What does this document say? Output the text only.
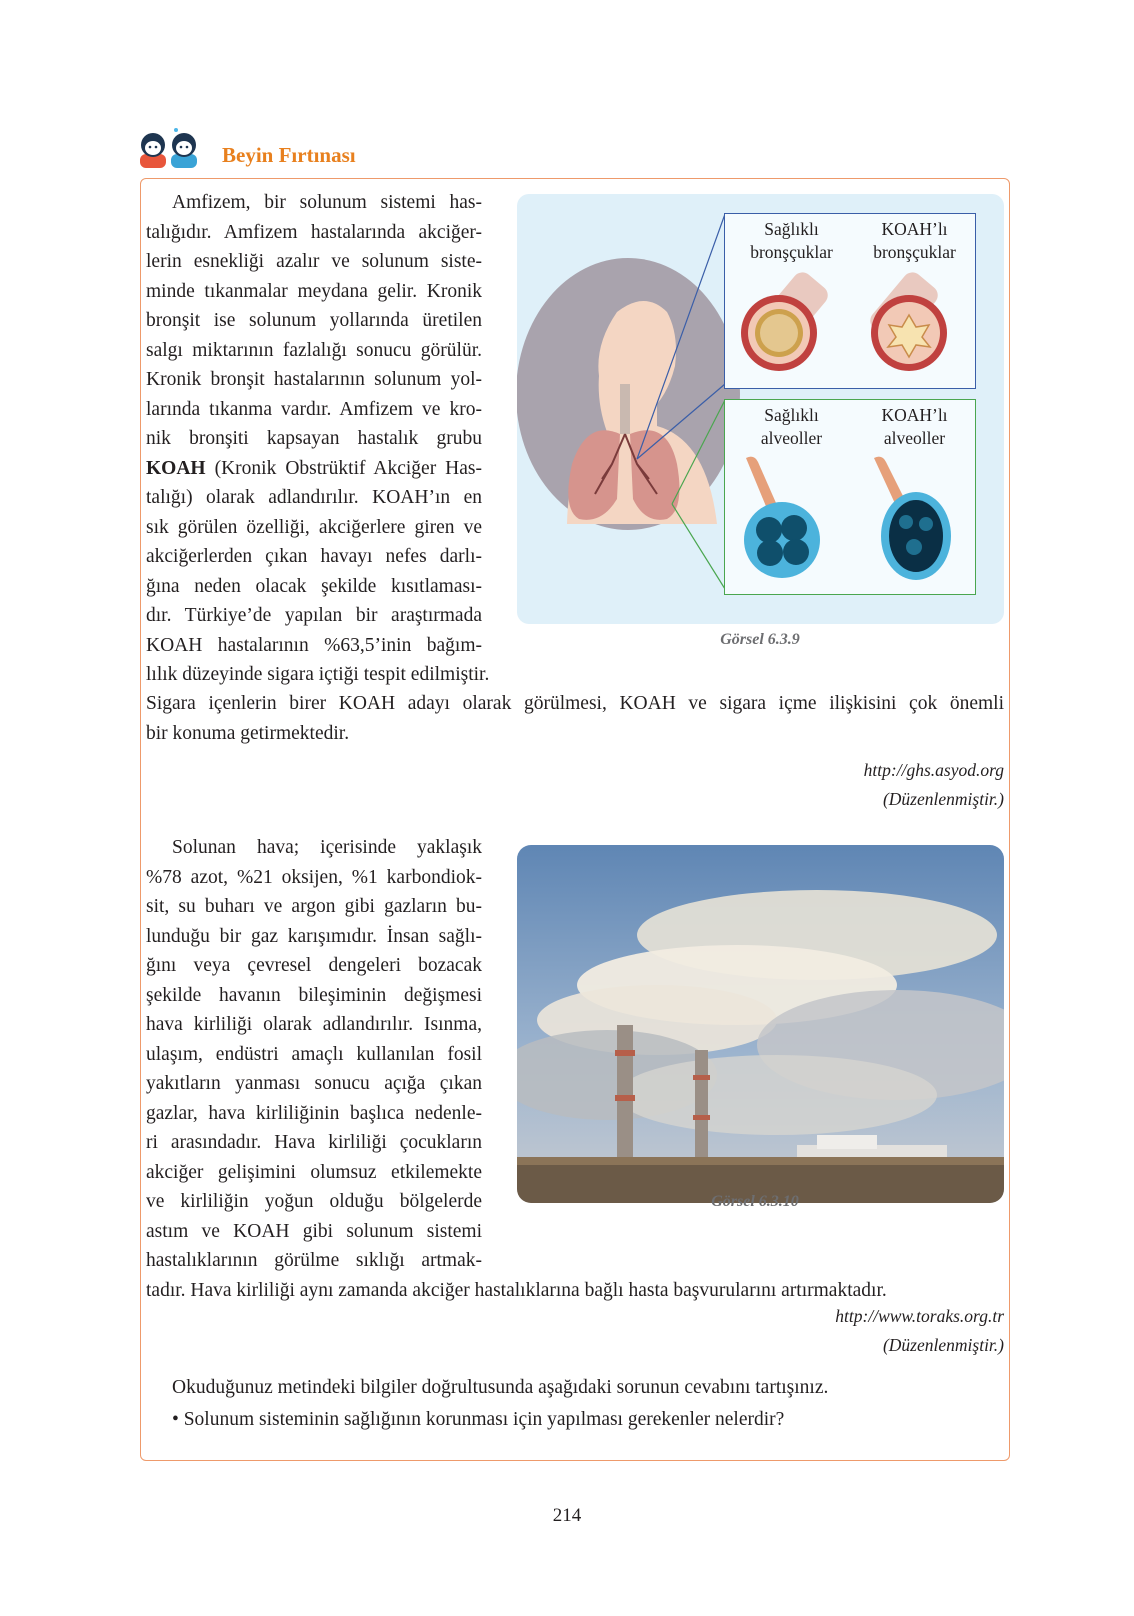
Beyin Fırtınası
Amfizem, bir solunum sistemi has-
talığıdır. Amfizem hastalarında akciğer-
lerin esnekliği azalır ve solunum siste-
minde tıkanmalar meydana gelir. Kronik
bronşit ise solunum yollarında üretilen
salgı miktarının fazlalığı sonucu görülür.
Kronik bronşit hastalarının solunum yol-
larında tıkanma vardır. Amfizem ve kro-
nik bronşiti kapsayan hastalık grubu
KOAH (Kronik Obstrüktif Akciğer Has-
talığı) olarak adlandırılır. KOAH’ın en
sık görülen özelliği, akciğerlere giren ve
akciğerlerden çıkan havayı nefes darlı-
ğına neden olacak şekilde kısıtlaması-
dır. Türkiye’de yapılan bir araştırmada
KOAH hastalarının %63,5’inin bağım-
lılık düzeyinde sigara içtiği tespit edilmiştir.
Sigara içenlerin birer KOAH adayı olarak görülmesi, KOAH ve sigara içme ilişkisini çok önemli
bir konuma getirmektedir.
http://ghs.asyod.org
(Düzenlenmiştir.)
Sağlıklı
bronşçuklar
KOAH’lı
bronşçuklar
Sağlıklı
alveoller
KOAH’lı
alveoller
Görsel 6.3.9
Solunan hava; içerisinde yaklaşık
%78 azot, %21 oksijen, %1 karbondiok-
sit, su buharı ve argon gibi gazların bu-
lunduğu bir gaz karışımıdır. İnsan sağlı-
ğını veya çevresel dengeleri bozacak
şekilde havanın bileşiminin değişmesi
hava kirliliği olarak adlandırılır. Isınma,
ulaşım, endüstri amaçlı kullanılan fosil
yakıtların yanması sonucu açığa çıkan
gazlar, hava kirliliğinin başlıca nedenle-
ri arasındadır. Hava kirliliği çocukların
akciğer gelişimini olumsuz etkilemekte
ve kirliliğin yoğun olduğu bölgelerde
astım ve KOAH gibi solunum sistemi
hastalıklarının görülme sıklığı artmak-
tadır. Hava kirliliği aynı zamanda akciğer hastalıklarına bağlı hasta başvurularını artırmaktadır.
Görsel 6.3.10
http://www.toraks.org.tr
(Düzenlenmiştir.)
Okuduğunuz metindeki bilgiler doğrultusunda aşağıdaki sorunun cevabını tartışınız.
• Solunum sisteminin sağlığının korunması için yapılması gerekenler nelerdir?
214
